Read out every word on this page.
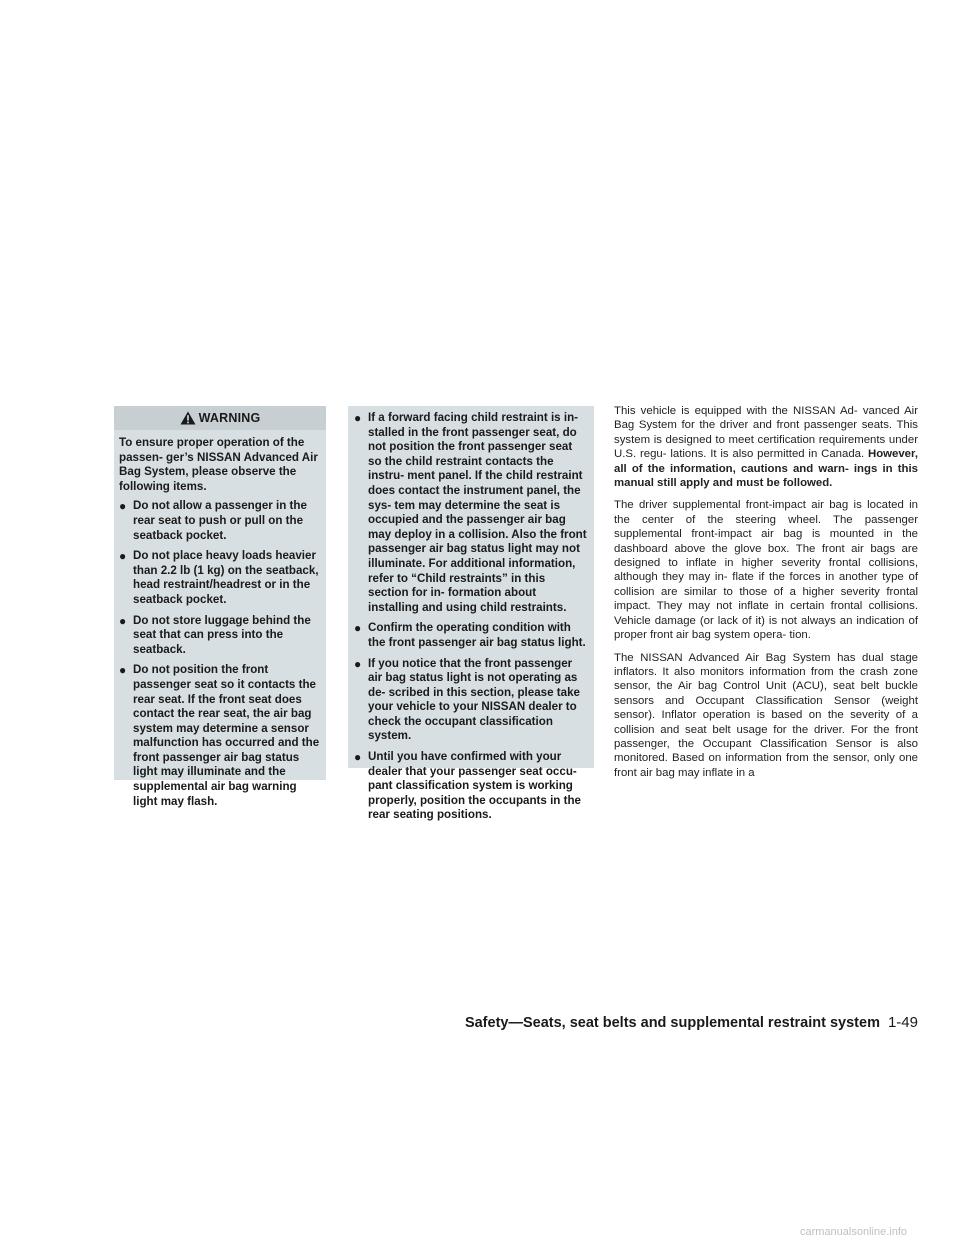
WARNING

To ensure proper operation of the passen- ger’s NISSAN Advanced Air Bag System, please observe the following items.

● Do not allow a passenger in the rear seat to push or pull on the seatback pocket.
● Do not place heavy loads heavier than 2.2 lb (1 kg) on the seatback, head restraint/headrest or in the seatback pocket.
● Do not store luggage behind the seat that can press into the seatback.
● Do not position the front passenger seat so it contacts the rear seat. If the front seat does contact the rear seat, the air bag system may determine a sensor malfunction has occurred and the front passenger air bag status light may illuminate and the supplemental air bag warning light may flash.
● If a forward facing child restraint is in- stalled in the front passenger seat, do not position the front passenger seat so the child restraint contacts the instru- ment panel. If the child restraint does contact the instrument panel, the sys- tem may determine the seat is occupied and the passenger air bag may deploy in a collision. Also the front passenger air bag status light may not illuminate. For additional information, refer to “Child restraints” in this section for in- formation about installing and using child restraints.
● Confirm the operating condition with the front passenger air bag status light.
● If you notice that the front passenger air bag status light is not operating as de- scribed in this section, please take your vehicle to your NISSAN dealer to check the occupant classification system.
● Until you have confirmed with your dealer that your passenger seat occu- pant classification system is working properly, position the occupants in the rear seating positions.

This vehicle is equipped with the NISSAN Ad- vanced Air Bag System for the driver and front passenger seats. This system is designed to meet certification requirements under U.S. regu- lations. It is also permitted in Canada. However, all of the information, cautions and warn- ings in this manual still apply and must be followed.

The driver supplemental front-impact air bag is located in the center of the steering wheel. The passenger supplemental front-impact air bag is mounted in the dashboard above the glove box. The front air bags are designed to inflate in higher severity frontal collisions, although they may in- flate if the forces in another type of collision are similar to those of a higher severity frontal impact. They may not inflate in certain frontal collisions. Vehicle damage (or lack of it) is not always an indication of proper front air bag system opera- tion.

The NISSAN Advanced Air Bag System has dual stage inflators. It also monitors information from the crash zone sensor, the Air bag Control Unit (ACU), seat belt buckle sensors and Occupant Classification Sensor (weight sensor). Inflator operation is based on the severity of a collision and seat belt usage for the driver. For the front passenger, the Occupant Classification Sensor is also monitored. Based on information from the sensor, only one front air bag may inflate in a

Safety—Seats, seat belts and supplemental restraint system 1-49
carmanualsonline.info
